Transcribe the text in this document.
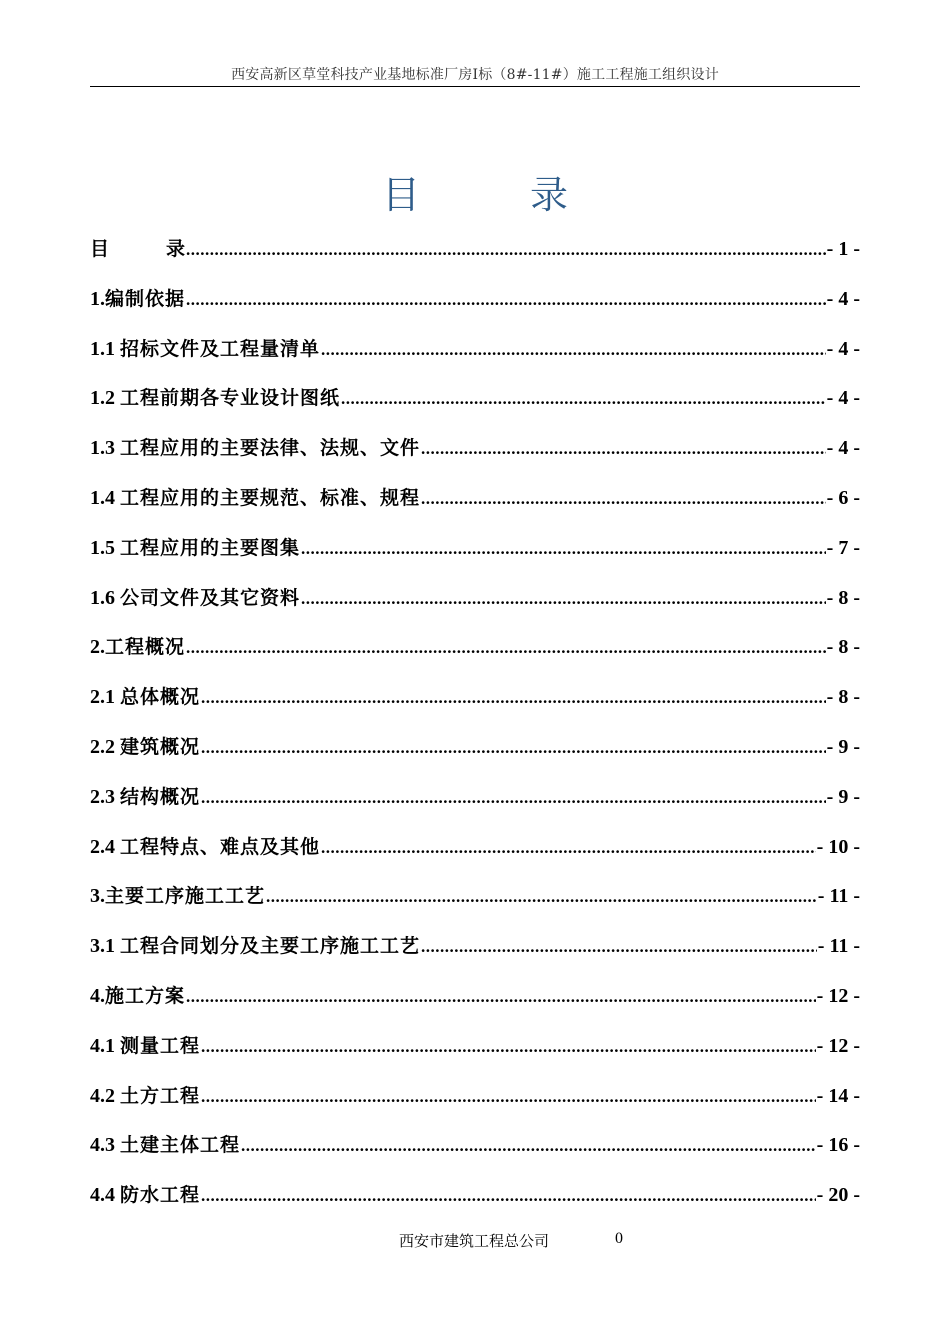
西安高新区草堂科技产业基地标准厂房Ⅰ标（8#-11#）施工工程施工组织设计
目	录
目　　　录 .....	- 1 -
1.编制依据 .....	- 4 -
1.1 招标文件及工程量清单 .....	- 4 -
1.2 工程前期各专业设计图纸 .....	- 4 -
1.3 工程应用的主要法律、法规、文件 .....	- 4 -
1.4 工程应用的主要规范、标准、规程 .....	- 6 -
1.5 工程应用的主要图集 .....	- 7 -
1.6 公司文件及其它资料 .....	- 8 -
2.工程概况 .....	- 8 -
2.1 总体概况 .....	- 8 -
2.2 建筑概况 .....	- 9 -
2.3 结构概况 .....	- 9 -
2.4 工程特点、难点及其他 .....	- 10 -
3.主要工序施工工艺 .....	- 11 -
3.1 工程合同划分及主要工序施工工艺 .....	- 11 -
4.施工方案 .....	- 12 -
4.1 测量工程 .....	- 12 -
4.2 土方工程 .....	- 14 -
4.3 土建主体工程 .....	- 16 -
4.4 防水工程 .....	- 20 -
西安市建筑工程总公司	0
